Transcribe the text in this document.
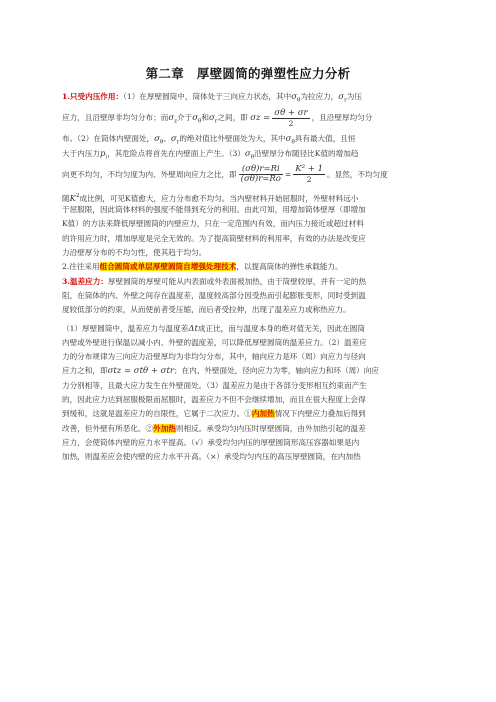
第二章　厚壁圆筒的弹塑性应力分析
1.只受内压作用：（1）在厚壁圆筒中，筒体处于三向应力状态，其中$\sigma_\theta$为拉应力，$\sigma_r$为压
应力，且沿壁厚非均匀分布；而$\sigma_z$介于$\sigma_\theta$和$\sigma_r$之间，即 $\sigma z = \frac{\sigma\theta + \sigma r}{2}$ ，且沿壁厚均匀分
布。（2）在筒体内壁面处，$\sigma_\theta$、$\sigma_r$的绝对值比外壁面处为大，其中$\sigma_\theta$具有最大值，且恒
大于内压力$p_i$，其危险点将首先在内壁面上产生。$(3)\sigma_\theta$沿壁厚分布随径比K值的增加趋
向更不均匀，不均匀度为内、外壁周向应力之比，即 $\frac{(\sigma\theta)r=Ri}{(\sigma\theta)r=Ro} = \frac{\text{K² + 1}}{2}$ 。显然，不均匀度
随$K^2$成比例，可见K值愈大，应力分布愈不均匀。当内壁材料开始屈服时，外壁材料远小
于屈服限，因此筒体材料的强度不能得到充分的利用。由此可知，用增加筒体壁厚（即增加
K值）的方法来降低厚壁圆筒的内壁应力，只在一定范围内有效，而内压力接近或超过材料
的许用应力时，增加厚度是完全无效的。为了提高筒壁材料的利用率，有效的办法是改变应
力沿壁厚分布的不均匀性，使其趋于均匀。
2.往往采用组合圆筒或单层厚壁圆筒自增强处理技术，以提高筒体的弹性承载能力。
3.温差应力：厚壁圆筒的厚壁可能从内表面或外表面被加热，由于筒壁较厚，并有一定的热
阻，在筒体的内、外壁之间存在温度差，温度较高部分因受热而引起膨胀变形，同时受到温
度较低部分的约束，从而使前者受压缩，而后者受拉伸，出现了温差应力或称热应力。
（1）厚壁圆筒中，温差应力与温度差Δt成正比，而与温度本身的绝对值无关，因此在圆筒
内壁或外壁进行保温以减小内、外壁的温度差，可以降低厚壁圆筒的温差应力。（2）温差应
力的分布规律为三向应力沿壁厚均为非均匀分布，其中，轴向应力是环（周）向应力与径向
应力之和，即σtz = σtθ + σtr；在内、外壁面处，径向应力为零，轴向应力和环（周）向应
力分别相等，且最大应力发生在外壁面处。（3）温差应力是由于各部分变形相互约束而产生
的，因此应力达到屈服极限而屈服时，温差应力不但不会继续增加，而且在很大程度上会得
到缓和，这就是温差应力的自限性，它属于二次应力。①内加热情况下内壁应力叠加后得到
改善，但外壁有所恶化。②外加热则相反。承受均匀内压时厚壁圆筒，由外加热引起的温差
应力，会使筒体内壁的应力水平提高。（√）承受均匀内压的厚壁圆筒形高压容器如果是内
加热，则温差应会使内壁的应力水平升高。（×）承受均匀内压的高压厚壁圆筒，在内加热
